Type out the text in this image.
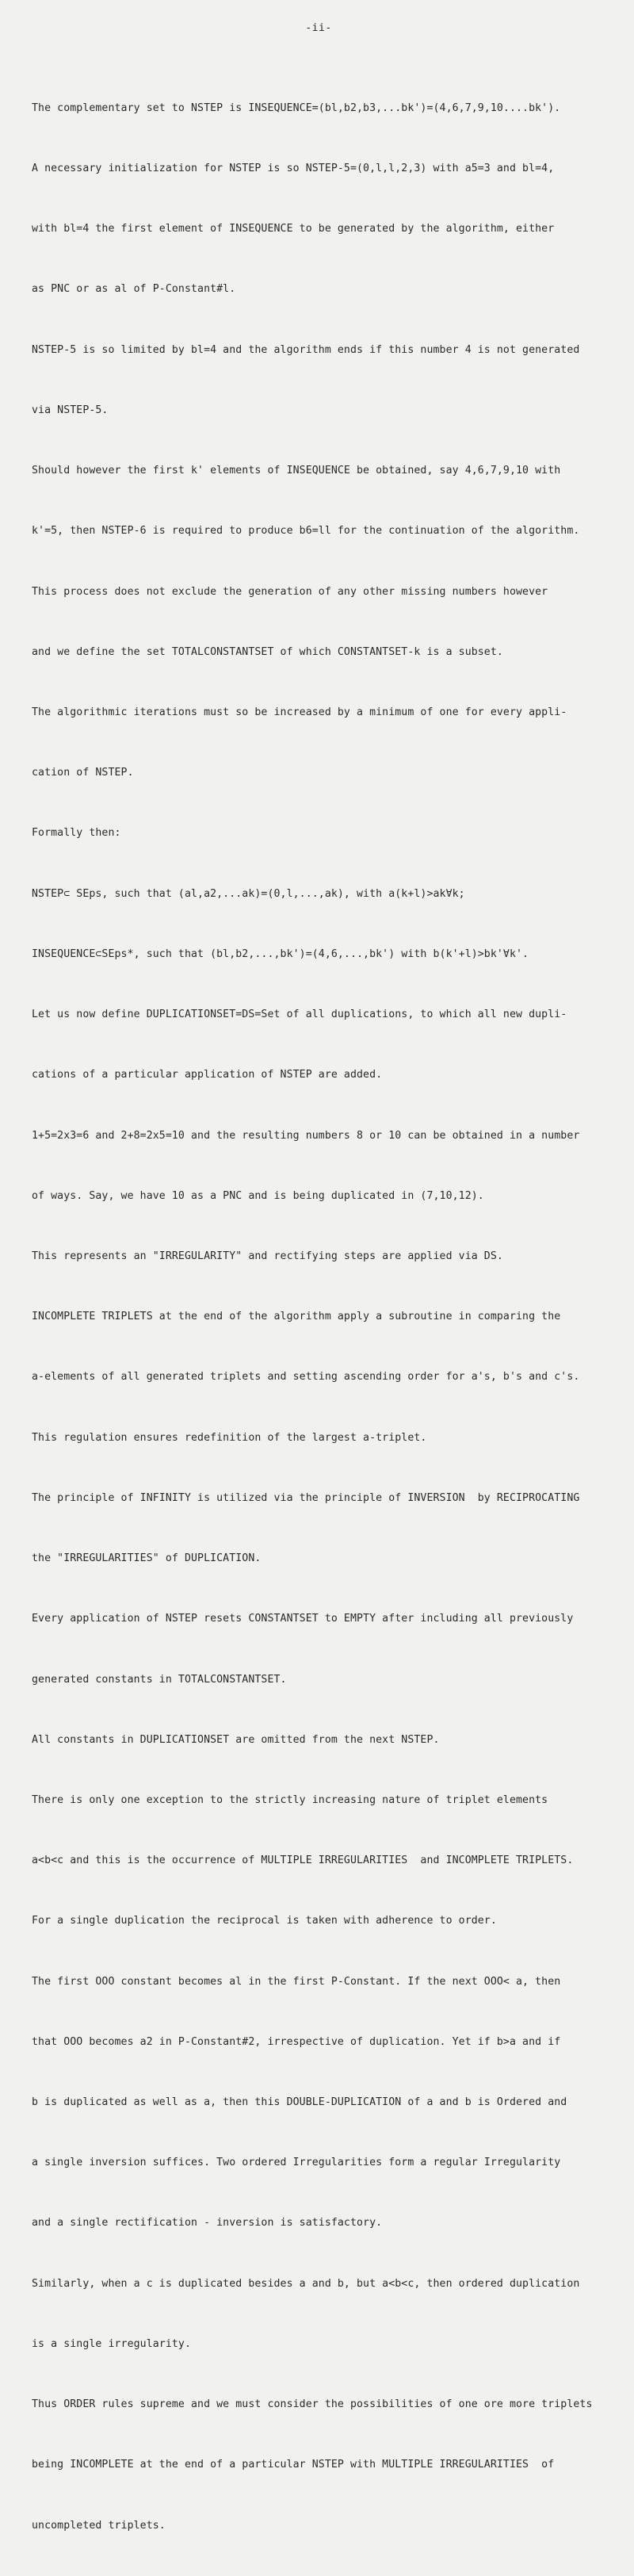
-ii-

The complementary set to NSTEP is INSEQUENCE=(bl,b2,b3,...bk')=(4,6,7,9,10....bk').

A necessary initialization for NSTEP is so NSTEP-5=(0,l,l,2,3) with a5=3 and bl=4,

with bl=4 the first element of INSEQUENCE to be generated by the algorithm, either

as PNC or as al of P-Constant#l.

NSTEP-5 is so limited by bl=4 and the algorithm ends if this number 4 is not generated

via NSTEP-5.

Should however the first k' elements of INSEQUENCE be obtained, say 4,6,7,9,10 with

k'=5, then NSTEP-6 is required to produce b6=ll for the continuation of the algorithm.

This process does not exclude the generation of any other missing numbers however

and we define the set TOTALCONSTANTSET of which CONSTANTSET-k is a subset.

The algorithmic iterations must so be increased by a minimum of one for every appli-

cation of NSTEP.

Formally then:

NSTEP⊂ SEps, such that (al,a2,...ak)=(0,l,...,ak), with a(k+l)>ak∀k;

INSEQUENCE⊂SEps*, such that (bl,b2,...,bk')=(4,6,...,bk') with b(k'+l)>bk'∀k'.

Let us now define DUPLICATIONSET=DS=Set of all duplications, to which all new dupli-

cations of a particular application of NSTEP are added.

1+5=2x3=6 and 2+8=2x5=10 and the resulting numbers 8 or 10 can be obtained in a number

of ways. Say, we have 10 as a PNC and is being duplicated in (7,10,12).

This represents an "IRREGULARITY" and rectifying steps are applied via DS.

INCOMPLETE TRIPLETS at the end of the algorithm apply a subroutine in comparing the

a-elements of all generated triplets and setting ascending order for a's, b's and c's.

This regulation ensures redefinition of the largest a-triplet.

The principle of INFINITY is utilized via the principle of INVERSION  by RECIPROCATING

the "IRREGULARITIES" of DUPLICATION.

Every application of NSTEP resets CONSTANTSET to EMPTY after including all previously

generated constants in TOTALCONSTANTSET.

All constants in DUPLICATIONSET are omitted from the next NSTEP.

There is only one exception to the strictly increasing nature of triplet elements

a<b<c and this is the occurrence of MULTIPLE IRREGULARITIES  and INCOMPLETE TRIPLETS.

For a single duplication the reciprocal is taken with adherence to order.

The first OOO constant becomes al in the first P-Constant. If the next OOO< a, then

that OOO becomes a2 in P-Constant#2, irrespective of duplication. Yet if b>a and if

b is duplicated as well as a, then this DOUBLE-DUPLICATION of a and b is Ordered and

a single inversion suffices. Two ordered Irregularities form a regular Irregularity

and a single rectification - inversion is satisfactory.

Similarly, when a c is duplicated besides a and b, but a<b<c, then ordered duplication

is a single irregularity.

Thus ORDER rules supreme and we must consider the possibilities of one ore more triplets

being INCOMPLETE at the end of a particular NSTEP with MULTIPLE IRREGULARITIES  of

uncompleted triplets.
